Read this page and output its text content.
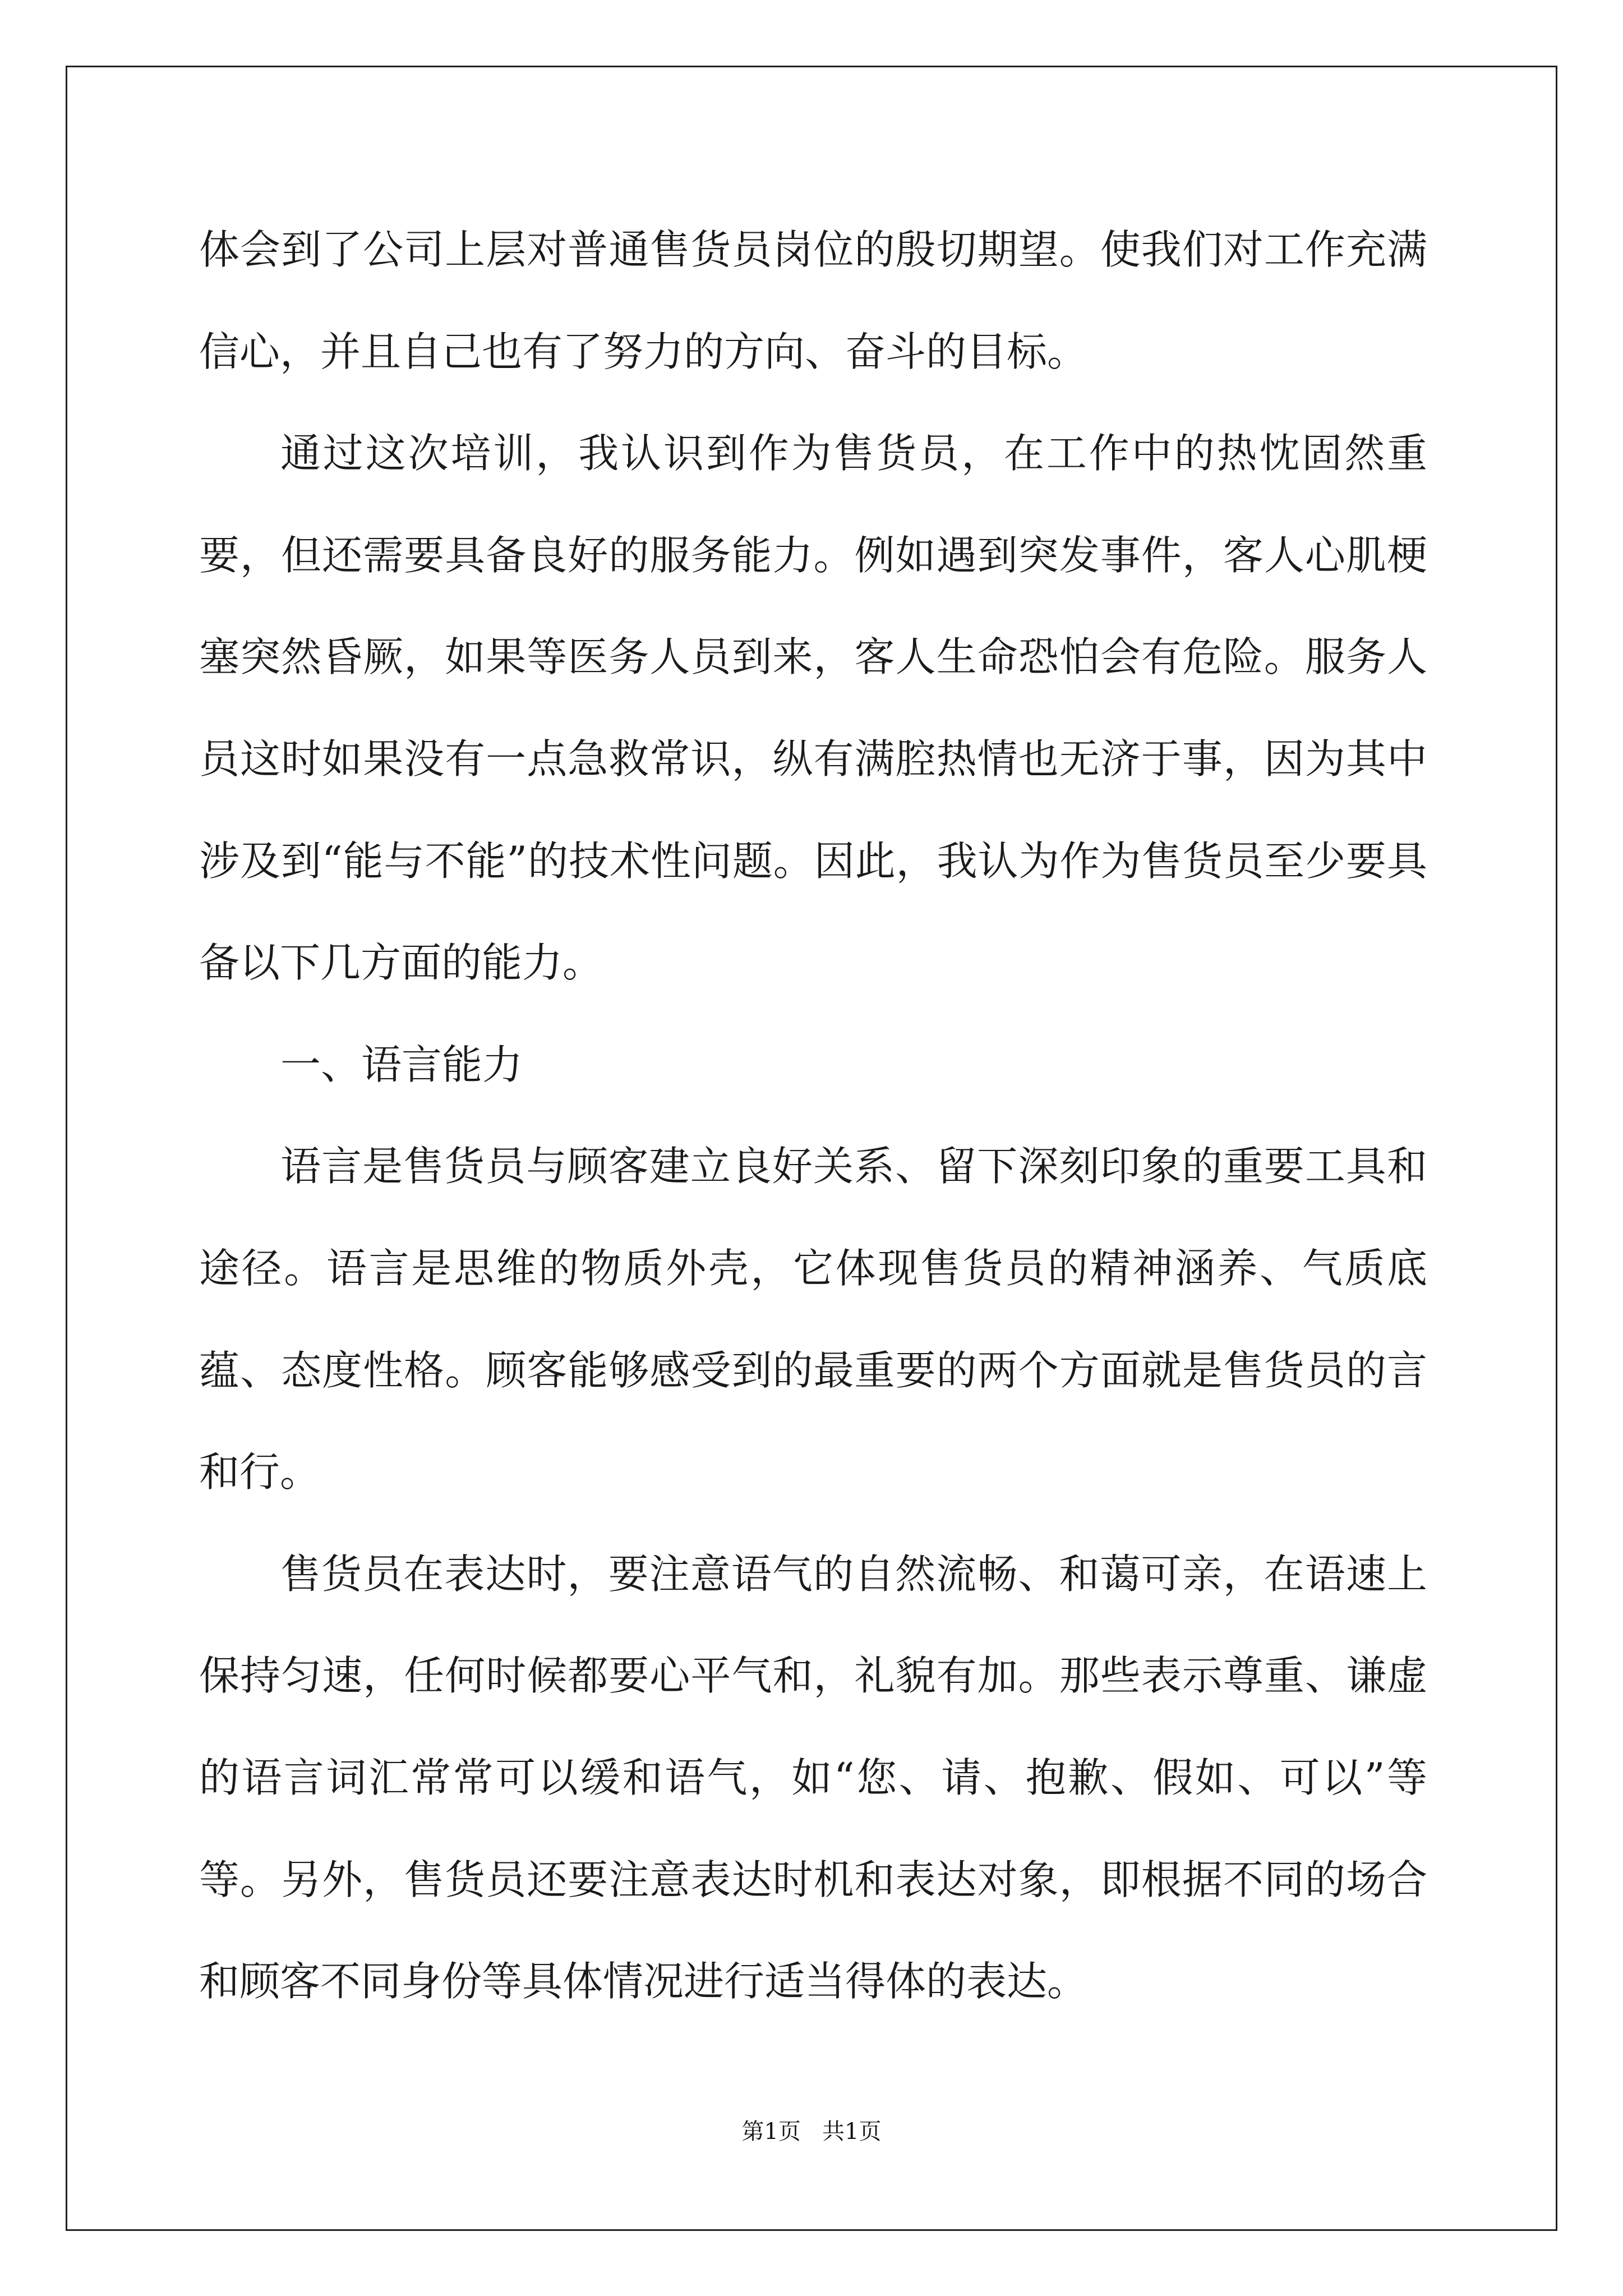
体会到了公司上层对普通售货员岗位的殷切期望。使我们对工作充满信心，并且自己也有了努力的方向、奋斗的目标。

通过这次培训，我认识到作为售货员，在工作中的热忱固然重要，但还需要具备良好的服务能力。例如遇到突发事件，客人心肌梗塞突然昏厥，如果等医务人员到来，客人生命恐怕会有危险。服务人员这时如果没有一点急救常识，纵有满腔热情也无济于事，因为其中涉及到“能与不能”的技术性问题。因此，我认为作为售货员至少要具备以下几方面的能力。

一、语言能力

语言是售货员与顾客建立良好关系、留下深刻印象的重要工具和途径。语言是思维的物质外壳，它体现售货员的精神涵养、气质底蕴、态度性格。顾客能够感受到的最重要的两个方面就是售货员的言和行。

售货员在表达时，要注意语气的自然流畅、和蔼可亲，在语速上保持匀速，任何时候都要心平气和，礼貌有加。那些表示尊重、谦虚的语言词汇常常可以缓和语气，如“您、请、抱歉、假如、可以”等等。另外，售货员还要注意表达时机和表达对象，即根据不同的场合和顾客不同身份等具体情况进行适当得体的表达。

第1页   共1页
